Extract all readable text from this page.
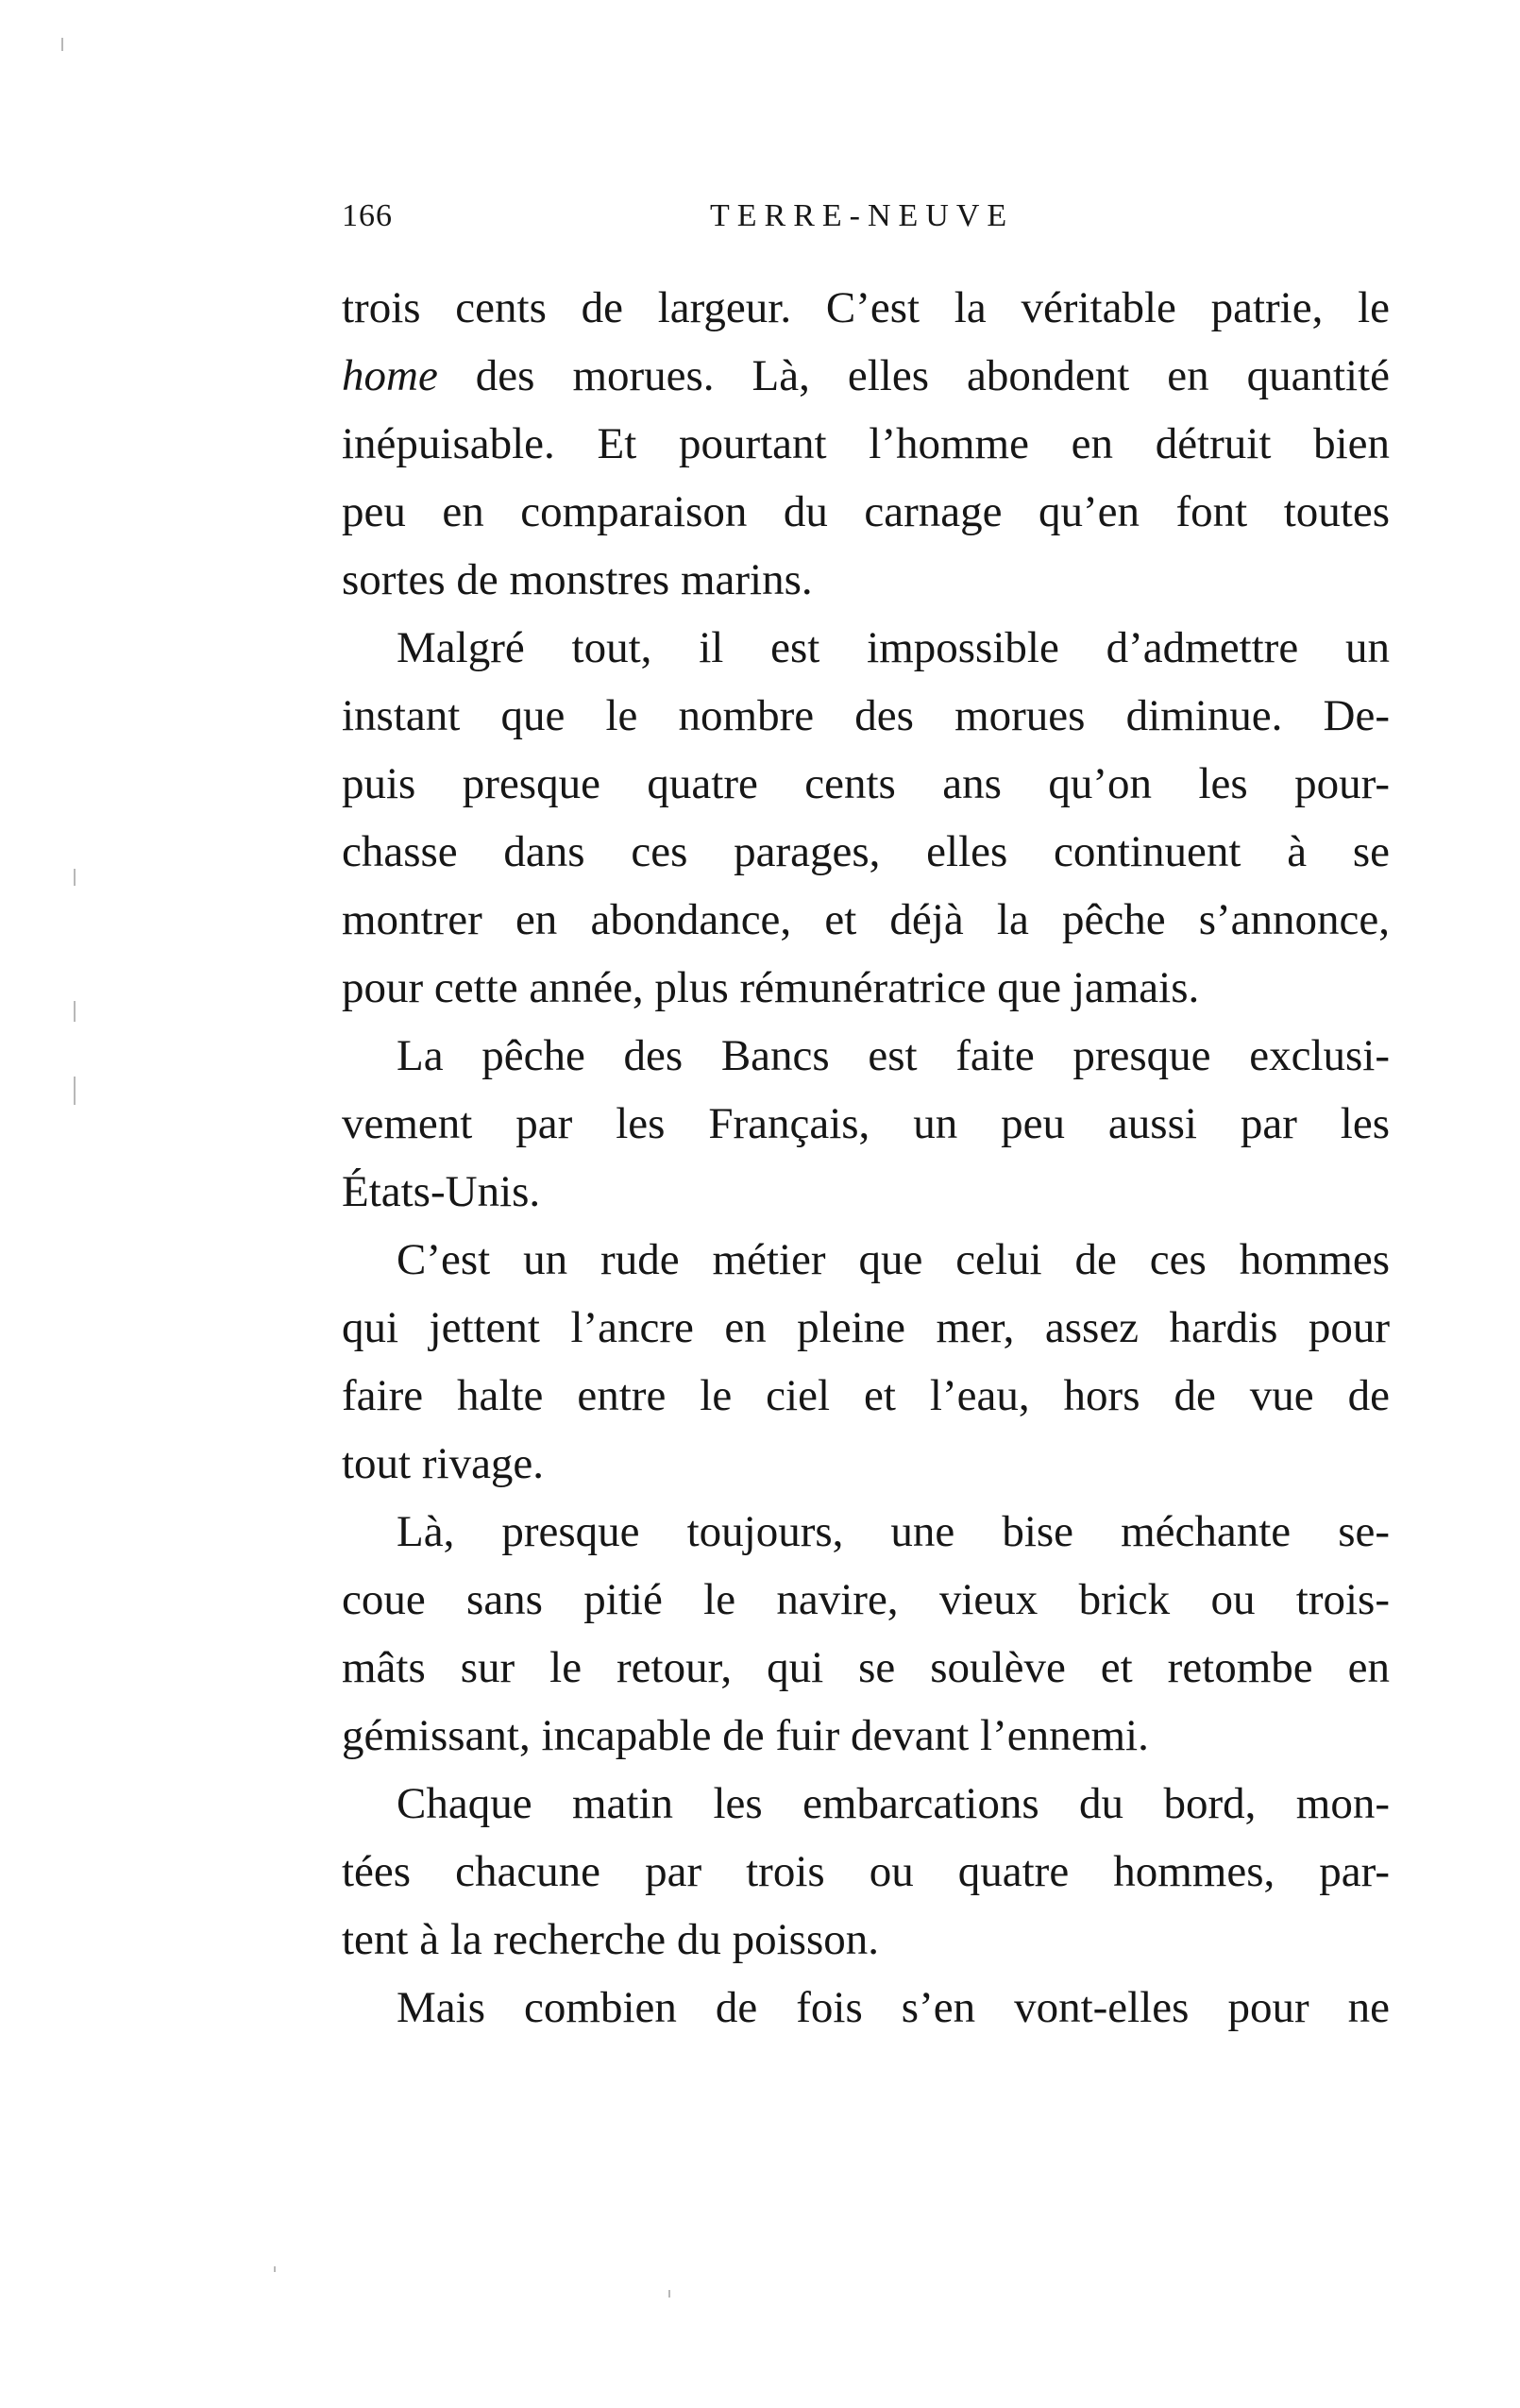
166	TERRE-NEUVE
trois cents de largeur. C’est la véritable patrie, le
home des morues. Là, elles abondent en quantité
inépuisable. Et pourtant l’homme en détruit bien
peu en comparaison du carnage qu’en font toutes
sortes de monstres marins.
Malgré tout, il est impossible d’admettre un
instant que le nombre des morues diminue. De-
puis presque quatre cents ans qu’on les pour-
chasse dans ces parages, elles continuent à se
montrer en abondance, et déjà la pêche s’annonce,
pour cette année, plus rémunératrice que jamais.
La pêche des Bancs est faite presque exclusi-
vement par les Français, un peu aussi par les
États-Unis.
C’est un rude métier que celui de ces hommes
qui jettent l’ancre en pleine mer, assez hardis pour
faire halte entre le ciel et l’eau, hors de vue de
tout rivage.
Là, presque toujours, une bise méchante se-
coue sans pitié le navire, vieux brick ou trois-
mâts sur le retour, qui se soulève et retombe en
gémissant, incapable de fuir devant l’ennemi.
Chaque matin les embarcations du bord, mon-
tées chacune par trois ou quatre hommes, par-
tent à la recherche du poisson.
Mais combien de fois s’en vont-elles pour ne
